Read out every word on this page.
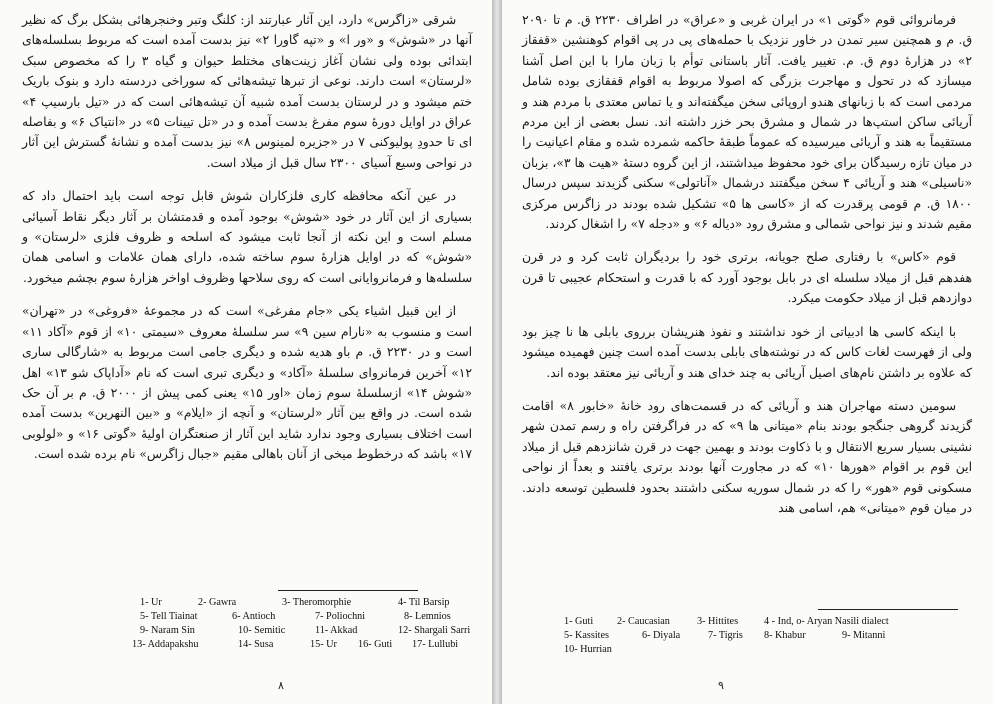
شرقی «زاگرس» دارد، این آثار عبارتند از: کلنگ وتبر وخنجرهائی بشکل برگ که نظیر آنها در «شوش» و «ور ا» و «تپه گاورا ۲» نیز بدست آمده است که مربوط بسلسله‌های ابتدائی بوده ولی نشان آغاز زینت‌های مختلط حیوان و گیاه ۳ را که مخصوص سبک «لرستان» است دارند. نوعی از تبرها تیشه‌هائی که سوراخی دردسته دارد و بنوک باریک ختم میشود و در لرستان بدست آمده شبیه آن تیشه‌هائی است که در «تیل بارسیپ ۴» عراق در اوایل دورهٔ سوم مفرغ بدست آمده و در «تل تیینات ۵» در «انتیاک ۶» و بفاصله ای تا حدودِ پولیوکنی ۷ در «جزیره لمینوس ۸» نیز بدست آمده و نشانهٔ گسترش این آثار در نواحی وسیع آسیای ۲۳۰۰ سال قبل از میلاد است.

در عین آنکه محافظه کاری فلزکاران شوش قابل توجه است باید احتمال داد که بسیاری از این آثار در خود «شوش» بوجود آمده و قدمتشان بر آثار دیگر نقاط آسیائی مسلم است و این نکته از آنجا ثابت میشود که اسلحه و ظروف فلزی «لرستان» و «شوش» که در اوایل هزارهٔ سوم ساخته شده، دارای همان علامات و اسامی همان سلسله‌ها و فرمانروایانی است که روی سلاحها وظروف اواخر هزارهٔ سوم بچشم میخورد.

از این قبیل اشیاء یکی «جام مفرغی» است که در مجموعهٔ «فروغی» در «تهران» است و منسوب به «نارام سین ۹» سر سلسلهٔ معروف «سیمتی ۱۰» از قوم «آکاد ۱۱» است و در ۲۲۳۰ ق. م باو هدیه شده و دیگری جامی است مربوط به «شارگالی ساری ۱۲» آخرین فرمانروای سلسلهٔ «آکاد» و دیگری تبری است که نام «آداپاک شو ۱۳» اهل «شوش ۱۴» ازسلسلهٔ سوم زمان «اور ۱۵» یعنی کمی پیش از ۲۰۰۰ ق. م بر آن حک شده است. در واقع بین آثار «لرستان» و آنچه از «ایلام» و «بین النهرین» بدست آمده است اختلاف بسیاری وجود ندارد شاید این آثار از صنعتگران اولیهٔ «گوتی ۱۶» و «لولوبی ۱۷» باشد که درخطوط میخی از آنان باهالی مقیم «جبال زاگرس» نام برده شده است.

1- Ur	2- Gawra	3- Theromorphie	4- Til Barsip
5- Tell Tiainat	6- Antioch	7- Poliochni	8- Lemnios
9- Naram Sin	10- Semitic	11- Akkad	12- Shargali Sarri
13- Addapakshu	14- Susa	15- Ur 16- Guti 17- Lullubi
۸

فرمانروائی قوم «گوتی ۱» در ایران غربی و «عراق» در اطراف ۲۲۳۰ ق. م تا ۲۰۹۰ ق. م و همچنین سیر تمدن در خاور نزدیک با حمله‌های پی در پی اقوام کوهنشین «قفقاز ۲» در هزارهٔ دوم ق. م. تغییر یافت. آثار باستانی توأم با زبان مارا با این اصل آشنا میسازد که در تحول و مهاجرت بزرگی که اصولا مربوط به اقوام قفقازی بوده شامل مردمی است که با زبانهای هندو اروپائی سخن میگفته‌اند و یا تماس معتدی با مردم هند و آریائی ساکن استپ‌ها در شمال و مشرق بحر خزر داشته اند. نسل بعضی از این مردم مستقیماً به هند و آریائی میرسیده که عموماً طبقهٔ حاکمه شمرده شده و مقام اعیانیت را در میان تازه رسیدگان برای خود محفوظ میداشتند، از این گروه دستهٔ «هیت ها ۳»، بزبان «ناسیلی» هند و آریائی ۴ سخن میگفتند درشمال «آناتولی» سکنی گزیدند سپس درسال ۱۸۰۰ ق. م قومی پرقدرت که از «کاسی ها ۵» تشکیل شده بودند در زاگرس مرکزی مقیم شدند و نیز نواحی شمالی و مشرق رود «دیاله ۶» و «دجله ۷» را اشغال کردند.

قوم «کاس» با رفتاری صلح جویانه، برتری خود را بردیگران ثابت کرد و در قرن هفدهم قبل از میلاد سلسله ای در بابل بوجود آورد که با قدرت و استحکام عجیبی تا قرن دوازدهم قبل از میلاد حکومت میکرد.

با اینکه کاسی ها ادبیاتی از خود نداشتند و نفوذ هنریشان برروی بابلی ها نا چیز بود ولی از فهرست لغات کاس که در نوشته‌های بابلی بدست آمده است چنین فهمیده میشود که علاوه بر داشتن نام‌های اصیل آریائی به چند خدای هند و آریائی نیز معتقد بوده اند.

سومین دسته مهاجران هند و آریائی که در قسمت‌های رود خانهٔ «خابور ۸» اقامت گزیدند گروهی جنگجو بودند بنام «میتانی ها ۹» که در فراگرفتن راه و رسم تمدن شهر نشینی بسیار سریع الانتقال و با ذکاوت بودند و بهمین جهت در قرن شانزدهم قبل از میلاد این قوم بر اقوام «هورها ۱۰» که در مجاورت آنها بودند برتری یافتند و بعداً از نواحی مسکونی قوم «هور» را که در شمال سوریه سکنی داشتند بحدود فلسطین توسعه دادند. در میان قوم «میتانی» هم، اسامی هند

1- Guti 2- Caucasian	3- Hittites	4 - Ind, o- Aryan Nasili dialect
5- Kassites	6- Diyala	7- Tigris 8- Khabur	9- Mitanni
10- Hurrian
۹
